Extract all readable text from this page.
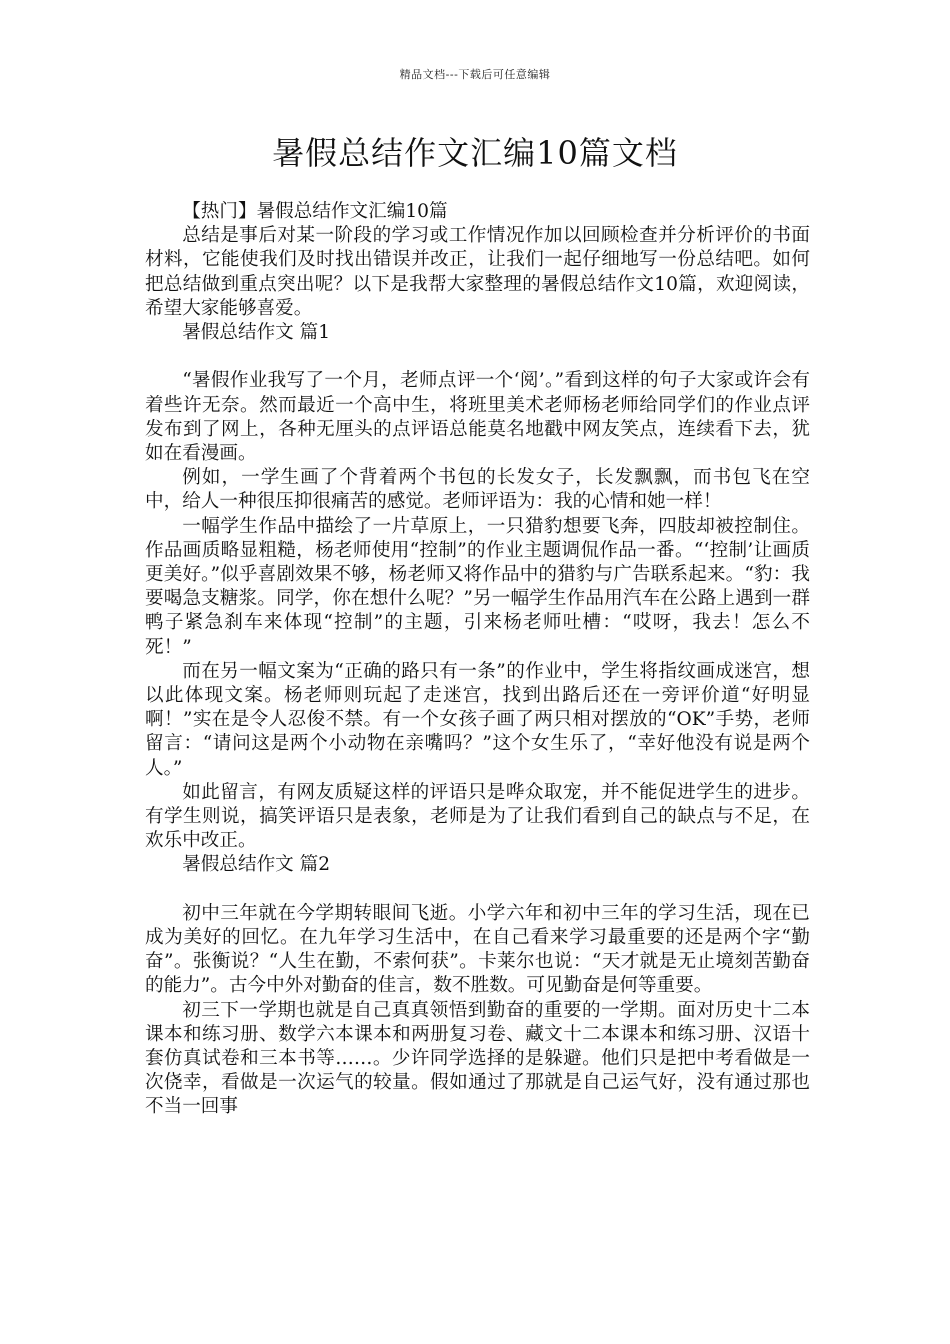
精品文档---下载后可任意编辑
暑假总结作文汇编10篇文档

【热门】暑假总结作文汇编10篇

总结是事后对某一阶段的学习或工作情况作加以回顾检查并分析评价的书面材料，它能使我们及时找出错误并改正，让我们一起仔细地写一份总结吧。如何把总结做到重点突出呢？以下是我帮大家整理的暑假总结作文10篇，欢迎阅读，希望大家能够喜爱。

暑假总结作文 篇1

“暑假作业我写了一个月，老师点评一个‘阅’。”看到这样的句子大家或许会有着些许无奈。然而最近一个高中生，将班里美术老师杨老师给同学们的作业点评发布到了网上，各种无厘头的点评语总能莫名地戳中网友笑点，连续看下去，犹如在看漫画。

例如，一学生画了个背着两个书包的长发女子，长发飘飘，而书包飞在空中，给人一种很压抑很痛苦的感觉。老师评语为：我的心情和她一样！

一幅学生作品中描绘了一片草原上，一只猎豹想要飞奔，四肢却被控制住。作品画质略显粗糙，杨老师使用“控制”的作业主题调侃作品一番。“‘控制’让画质更美好。”似乎喜剧效果不够，杨老师又将作品中的猎豹与广告联系起来。“豹：我要喝急支糖浆。同学，你在想什么呢？”另一幅学生作品用汽车在公路上遇到一群鸭子紧急刹车来体现“控制”的主题，引来杨老师吐槽：“哎呀，我去！怎么不死！”

而在另一幅文案为“正确的路只有一条”的作业中，学生将指纹画成迷宫，想以此体现文案。杨老师则玩起了走迷宫，找到出路后还在一旁评价道“好明显啊！”实在是令人忍俊不禁。有一个女孩子画了两只相对摆放的“OK”手势，老师留言：“请问这是两个小动物在亲嘴吗？”这个女生乐了，“幸好他没有说是两个人。”

如此留言，有网友质疑这样的评语只是哗众取宠，并不能促进学生的进步。有学生则说，搞笑评语只是表象，老师是为了让我们看到自己的缺点与不足，在欢乐中改正。

暑假总结作文 篇2

初中三年就在今学期转眼间飞逝。小学六年和初中三年的学习生活，现在已成为美好的回忆。在九年学习生活中，在自己看来学习最重要的还是两个字“勤奋”。张衡说？“人生在勤，不索何获”。卡莱尔也说：“天才就是无止境刻苦勤奋的能力”。古今中外对勤奋的佳言，数不胜数。可见勤奋是何等重要。

初三下一学期也就是自己真真领悟到勤奋的重要的一学期。面对历史十二本课本和练习册、数学六本课本和两册复习卷、藏文十二本课本和练习册、汉语十套仿真试卷和三本书等……。少许同学选择的是躲避。他们只是把中考看做是一次侥幸，看做是一次运气的较量。假如通过了那就是自己运气好，没有通过那也不当一回事
